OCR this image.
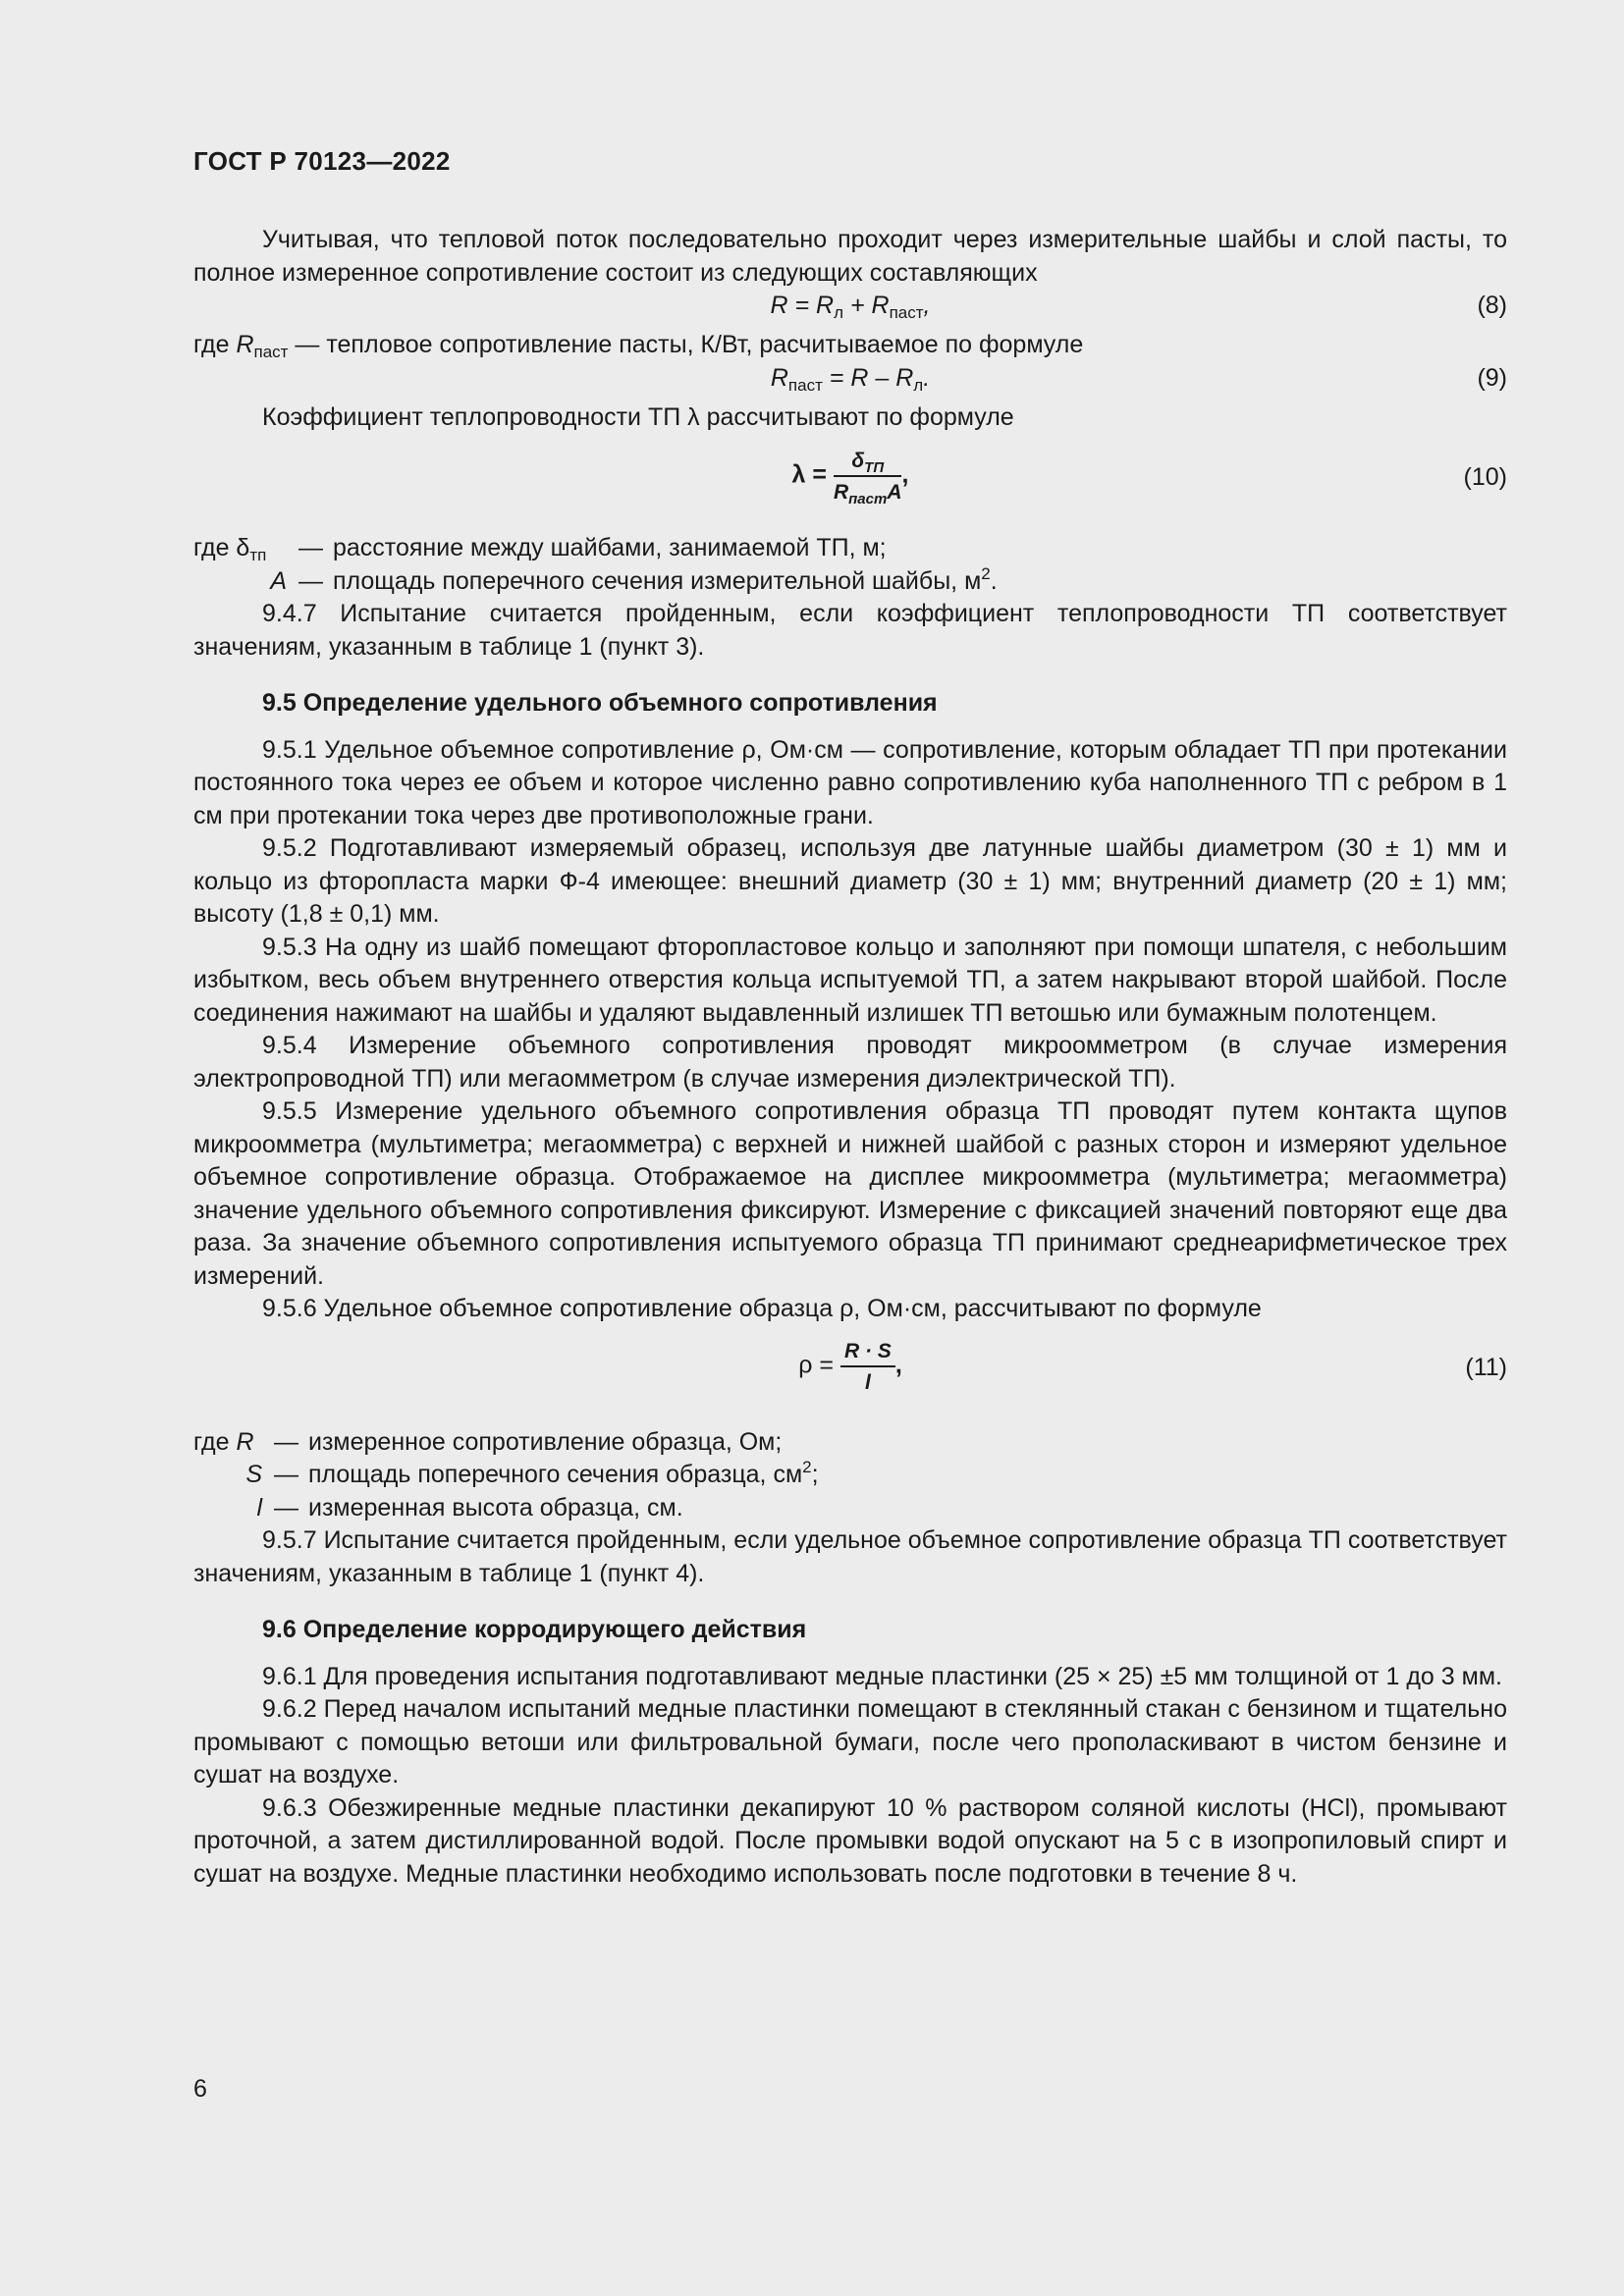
ГОСТ Р 70123—2022

Учитывая, что тепловой поток последовательно проходит через измерительные шайбы и слой пасты, то полное измеренное сопротивление состоит из следующих составляющих

$R = R_л + R_{паст}$,	(8)

где $R_{паст}$ — тепловое сопротивление пасты, К/Вт, расчитываемое по формуле

$R_{паст} = R - R_л$.	(9)

Коэффициент теплопроводности ТП λ рассчитывают по формуле

$\lambda = \frac{\delta_{ТП}}{R_{паст}A}$ ,	(10)
где $\delta_{тп}$	— расстояние между шайбами, занимаемой ТП, м;
A — площадь поперечного сечения измерительной шайбы, $м^2$.

9.4.7 Испытание считается пройденным, если коэффициент теплопроводности ТП соответствует значениям, указанным в таблице 1 (пункт 3).

9.5 Определение удельного объемного сопротивления

9.5.1 Удельное объемное сопротивление ρ, Ом·см — сопротивление, которым обладает ТП при протекании постоянного тока через ее объем и которое численно равно сопротивлению куба наполненного ТП с ребром в 1 см при протекании тока через две противоположные грани.

9.5.2 Подготавливают измеряемый образец, используя две латунные шайбы диаметром (30 ± 1) мм и кольцо из фторопласта марки Ф-4 имеющее: внешний диаметр (30 ± 1) мм; внутренний диаметр (20 ± 1) мм; высоту (1,8 ± 0,1) мм.

9.5.3 На одну из шайб помещают фторопластовое кольцо и заполняют при помощи шпателя, с небольшим избытком, весь объем внутреннего отверстия кольца испытуемой ТП, а затем накрывают второй шайбой. После соединения нажимают на шайбы и удаляют выдавленный излишек ТП ветошью или бумажным полотенцем.

9.5.4 Измерение объемного сопротивления проводят микроомметром (в случае измерения электропроводной ТП) или мегаомметром (в случае измерения диэлектрической ТП).

9.5.5 Измерение удельного объемного сопротивления образца ТП проводят путем контакта щупов микроомметра (мультиметра; мегаомметра) с верхней и нижней шайбой с разных сторон и измеряют удельное объемное сопротивление образца. Отображаемое на дисплее микроомметра (мультиметра; мегаомметра) значение удельного объемного сопротивления фиксируют. Измерение с фиксацией значений повторяют еще два раза. За значение объемного сопротивления испытуемого образца ТП принимают среднеарифметическое трех измерений.

9.5.6 Удельное объемное сопротивление образца ρ, Ом·см, рассчитывают по формуле

$\rho = \frac{R \cdot S}{l}$ ,	(11)
где R — измеренное сопротивление образца, Ом;
S — площадь поперечного сечения образца, $см^2$;
l — измеренная высота образца, см.

9.5.7 Испытание считается пройденным, если удельное объемное сопротивление образца ТП соответствует значениям, указанным в таблице 1 (пункт 4).

9.6 Определение корродирующего действия

9.6.1 Для проведения испытания подготавливают медные пластинки (25 × 25) ±5 мм толщиной от 1 до 3 мм.

9.6.2 Перед началом испытаний медные пластинки помещают в стеклянный стакан с бензином и тщательно промывают с помощью ветоши или фильтровальной бумаги, после чего прополаскивают в чистом бензине и сушат на воздухе.

9.6.3 Обезжиренные медные пластинки декапируют 10 % раствором соляной кислоты (HCl), промывают проточной, а затем дистиллированной водой. После промывки водой опускают на 5 с в изопропиловый спирт и сушат на воздухе. Медные пластинки необходимо использовать после подготовки в течение 8 ч.

6
